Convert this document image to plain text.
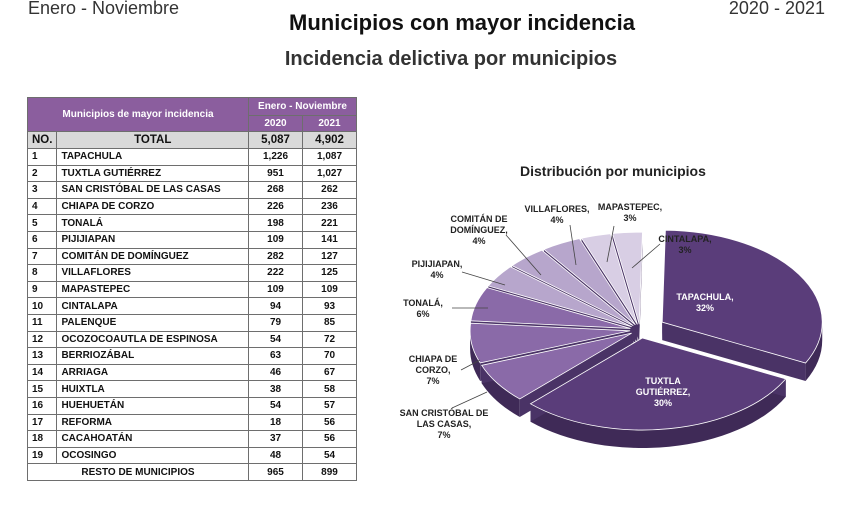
Enero - Noviembre	2020 - 2021
Municipios con mayor incidencia
Incidencia delictiva por municipios
Municipios de mayor incidencia		Enero - Noviembre	
		2020	2021
NO.	TOTAL	5,087	4,902
1	TAPACHULA	1,226	1,087
2	TUXTLA GUTIÉRREZ	951	1,027
3	SAN CRISTÓBAL DE LAS CASAS	268	262
4	CHIAPA DE CORZO	226	236
5	TONALÁ	198	221
6	PIJIJIAPAN	109	141
7	COMITÁN DE DOMÍNGUEZ	282	127
8	VILLAFLORES	222	125
9	MAPASTEPEC	109	109
10	CINTALAPA	94	93
11	PALENQUE	79	85
12	OCOZOCOAUTLA DE ESPINOSA	54	72
13	BERRIOZÁBAL	63	70
14	ARRIAGA	46	67
15	HUIXTLA	38	58
16	HUEHUETÁN	54	57
17	REFORMA	18	56
18	CACAHOATÁN	37	56
19	OCOSINGO	48	54
RESTO DE MUNICIPIOS		965	899
Distribución por municipios
TAPACHULA, 32%
TUXTLA GUTIÉRREZ, 30%
SAN CRISTÓBAL DE LAS CASAS, 7%
CHIAPA DE CORZO, 7%
TONALÁ, 6%
PIJIJIAPAN, 4%
COMITÁN DE DOMÍNGUEZ, 4%
VILLAFLORES, 4%
MAPASTEPEC, 3%
CINTALAPA, 3%
